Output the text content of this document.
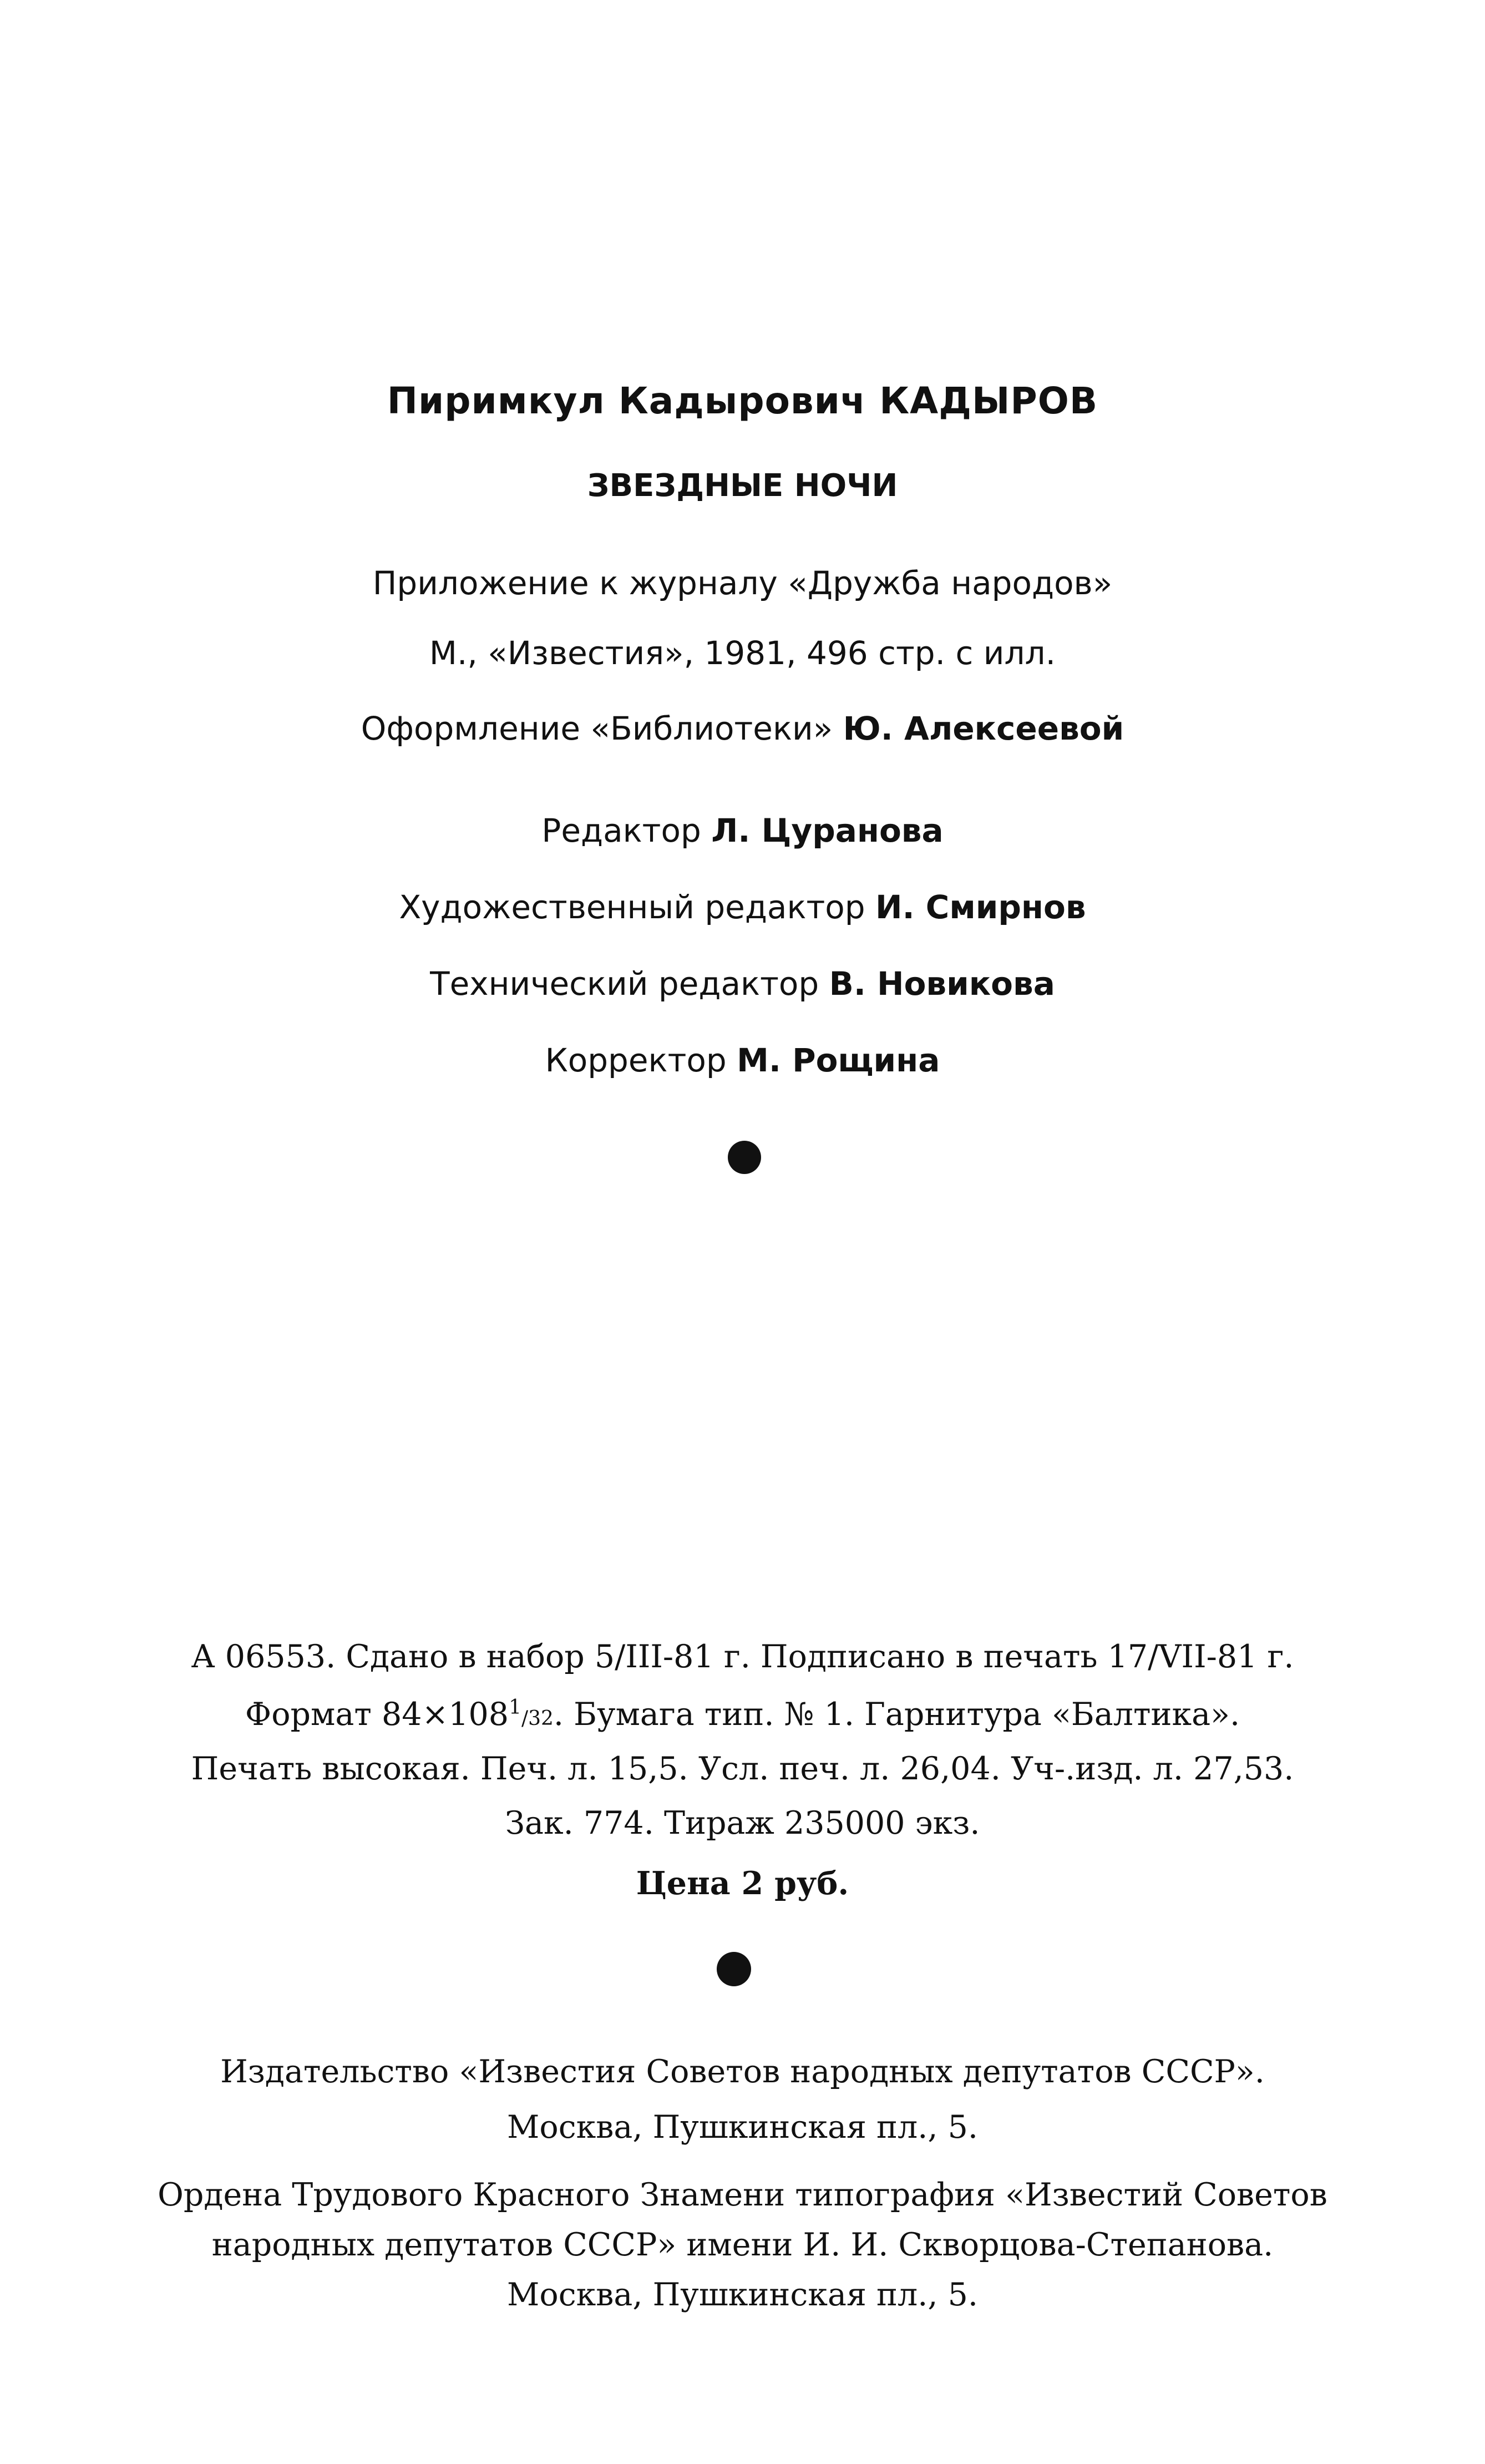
Пиримкул Кадырович КАДЫРОВ
ЗВЕЗДНЫЕ НОЧИ
Приложение к журналу «Дружба народов»
М., «Известия», 1981, 496 стр. с илл.
Оформление «Библиотеки» Ю. Алексеевой
Редактор Л. Цуранова
Художественный редактор И. Смирнов
Технический редактор В. Новикова
Корректор М. Рощина
А 06553. Сдано в набор 5/III-81 г. Подписано в печать 17/VII-81 г.
Формат $84\times 108^1/32$. Бумага тип. № 1. Гарнитура «Балтика».
Печать высокая. Печ. л. 15,5. Усл. печ. л. 26,04. Уч-.изд. л. 27,53.
Зак. 774. Тираж 235000 экз.
Цена 2 руб.
Издательство «Известия Советов народных депутатов СССР».
Москва, Пушкинская пл., 5.
Ордена Трудового Красного Знамени типография «Известий Советов
народных депутатов СССР» имени И. И. Скворцова-Степанова.
Москва, Пушкинская пл., 5.
